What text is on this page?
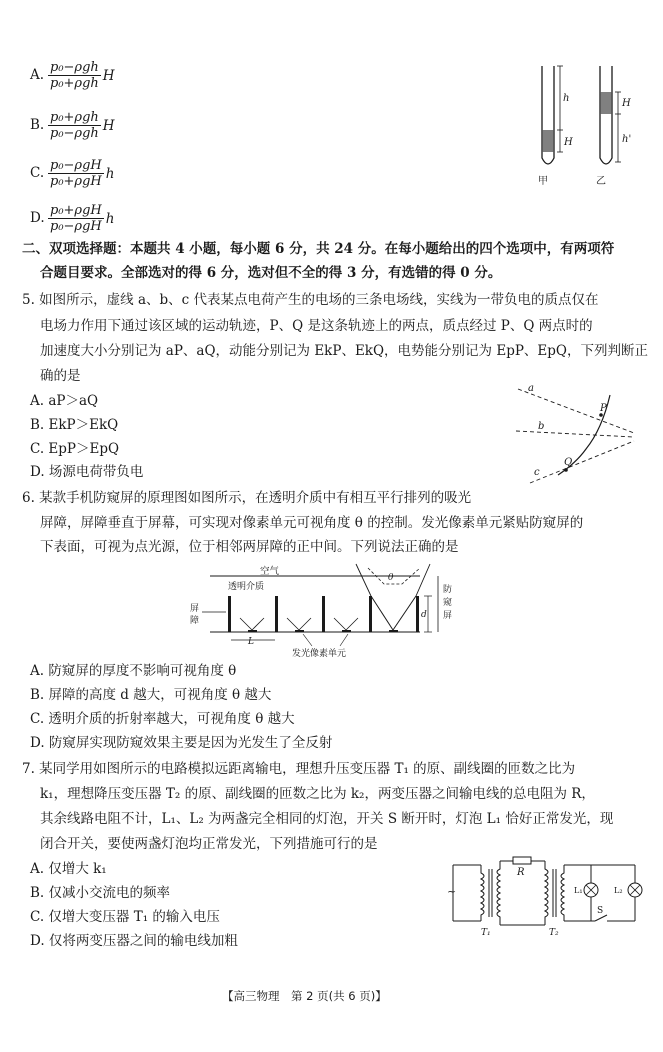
A. $\frac{\text{p₀−ρgh}}{\text{p₀+ρgh}}$ H
B. $\frac{\text{p₀+ρgh}}{\text{p₀−ρgh}}$ H
C. $\frac{\text{p₀−ρgH}}{\text{p₀+ρgH}}$ h
D. $\frac{\text{p₀+ρgH}}{\text{p₀−ρgH}}$ h
h
H
甲
H
h'
乙
二、双项选择题：本题共 4 小题，每小题 6 分，共 24 分。在每小题给出的四个选项中，有两项符
合题目要求。全部选对的得 6 分，选对但不全的得 3 分，有选错的得 0 分。
5. 如图所示，虚线 a、b、c 代表某点电荷产生的电场的三条电场线，实线为一带负电的质点仅在
电场力作用下通过该区域的运动轨迹，P、Q 是这条轨迹上的两点，质点经过 P、Q 两点时的
加速度大小分别记为 aP、aQ，动能分别记为 EkP、EkQ，电势能分别记为 EpP、EpQ，下列判断正
确的是
A. aP＞aQ
B. EkP＞EkQ
C. EpP＞EpQ
D. 场源电荷带负电
a
b
c
P
Q
6. 某款手机防窥屏的原理图如图所示，在透明介质中有相互平行排列的吸光
屏障，屏障垂直于屏幕，可实现对像素单元可视角度 θ 的控制。发光像素单元紧贴防窥屏的
下表面，可视为点光源，位于相邻两屏障的正中间。下列说法正确的是
空气
透明介质
屏
障
θ
L
d
防
窥
屏
发光像素单元
A. 防窥屏的厚度不影响可视角度 θ
B. 屏障的高度 d 越大，可视角度 θ 越大
C. 透明介质的折射率越大，可视角度 θ 越大
D. 防窥屏实现防窥效果主要是因为光发生了全反射
7. 某同学用如图所示的电路模拟远距离输电，理想升压变压器 T₁ 的原、副线圈的匝数之比为
k₁，理想降压变压器 T₂ 的原、副线圈的匝数之比为 k₂，两变压器之间输电线的总电阻为 R，
其余线路电阻不计，L₁、L₂ 为两盏完全相同的灯泡，开关 S 断开时，灯泡 L₁ 恰好正常发光，现
闭合开关，要使两盏灯泡均正常发光，下列措施可行的是
A. 仅增大 k₁
B. 仅减小交流电的频率
C. 仅增大变压器 T₁ 的输入电压
D. 仅将两变压器之间的输电线加粗
~
T₁
R
T₂
S
L₁	L₂
【高三物理　第 2 页(共 6 页)】
